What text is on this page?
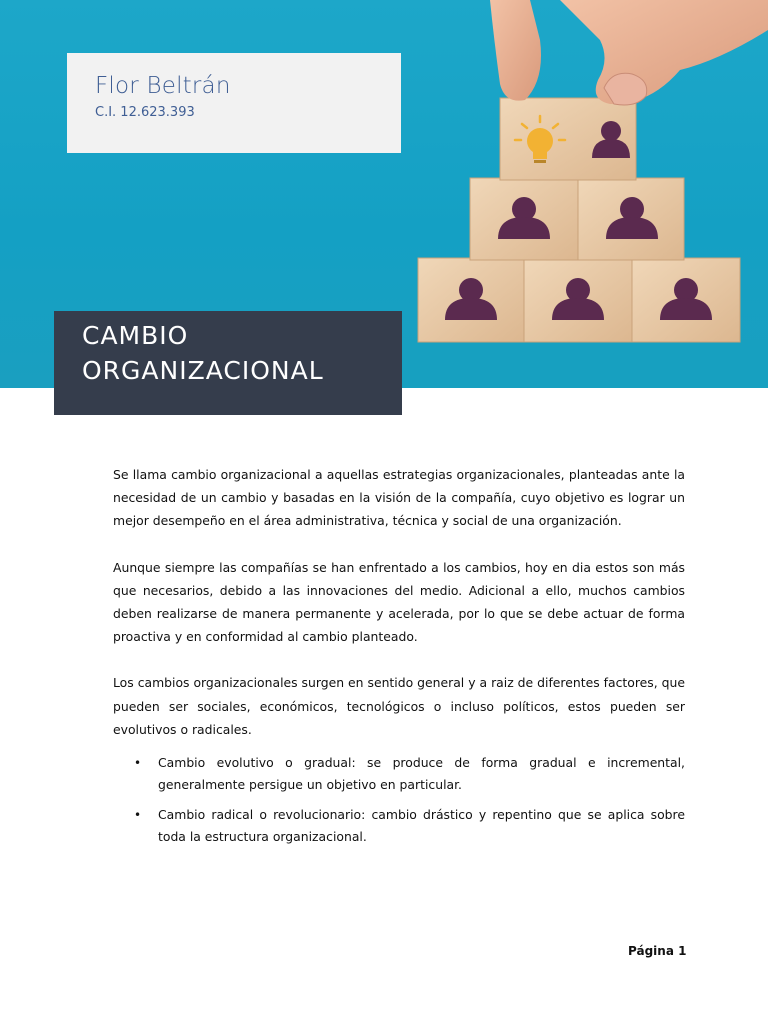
Flor Beltrán
C.I. 12.623.393
CAMBIO
ORGANIZACIONAL

Se llama cambio organizacional a aquellas estrategias organizacionales, planteadas ante la necesidad de un cambio y basadas en la visión de la compañía, cuyo objetivo es lograr un mejor desempeño en el área administrativa, técnica y social de una organización.

Aunque siempre las compañías se han enfrentado a los cambios, hoy en dia estos son más que necesarios, debido a las innovaciones del medio. Adicional a ello, muchos cambios deben realizarse de manera permanente y acelerada, por lo que se debe actuar de forma proactiva y en conformidad al cambio planteado.

Los cambios organizacionales surgen en sentido general y a raiz de diferentes factores, que pueden ser sociales, económicos, tecnológicos o incluso políticos, estos pueden ser evolutivos o radicales.

• Cambio evolutivo o gradual: se produce de forma gradual e incremental, generalmente persigue un objetivo en particular.
• Cambio radical o revolucionario: cambio drástico y repentino que se aplica sobre toda la estructura organizacional.
Página 1
